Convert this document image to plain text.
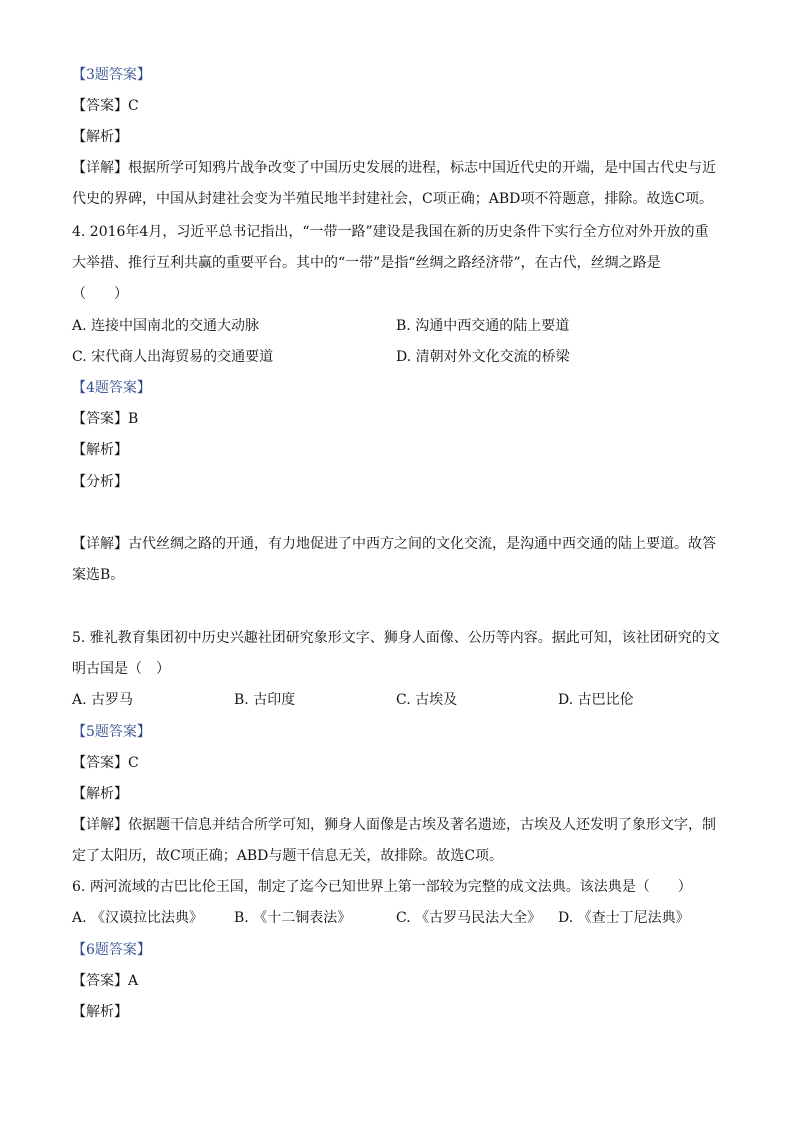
【3题答案】
【答案】C
【解析】
【详解】根据所学可知鸦片战争改变了中国历史发展的进程，标志中国近代史的开端，是中国古代史与近
代史的界碑，中国从封建社会变为半殖民地半封建社会，C项正确；ABD项不符题意，排除。故选C项。
4. 2016年4月，习近平总书记指出，“一带一路”建设是我国在新的历史条件下实行全方位对外开放的重
大举措、推行互利共赢的重要平台。其中的“一带”是指“丝绸之路经济带”，在古代，丝绸之路是
（　　）
A. 连接中国南北的交通大动脉	B. 沟通中西交通的陆上要道
C. 宋代商人出海贸易的交通要道	D. 清朝对外文化交流的桥梁
【4题答案】
【答案】B
【解析】
【分析】
【详解】古代丝绸之路的开通，有力地促进了中西方之间的文化交流，是沟通中西交通的陆上要道。故答
案选B。
5. 雅礼教育集团初中历史兴趣社团研究象形文字、狮身人面像、公历等内容。据此可知，该社团研究的文
明古国是（　）
A. 古罗马	B. 古印度	C. 古埃及	D. 古巴比伦
【5题答案】
【答案】C
【解析】
【详解】依据题干信息并结合所学可知，狮身人面像是古埃及著名遗迹，古埃及人还发明了象形文字，制
定了太阳历，故C项正确；ABD与题干信息无关，故排除。故选C项。
6. 两河流域的古巴比伦王国，制定了迄今已知世界上第一部较为完整的成文法典。该法典是（　　）
A. 《汉谟拉比法典》 B. 《十二铜表法》	C. 《古罗马民法大全》 D. 《查士丁尼法典》
【6题答案】
【答案】A
【解析】
